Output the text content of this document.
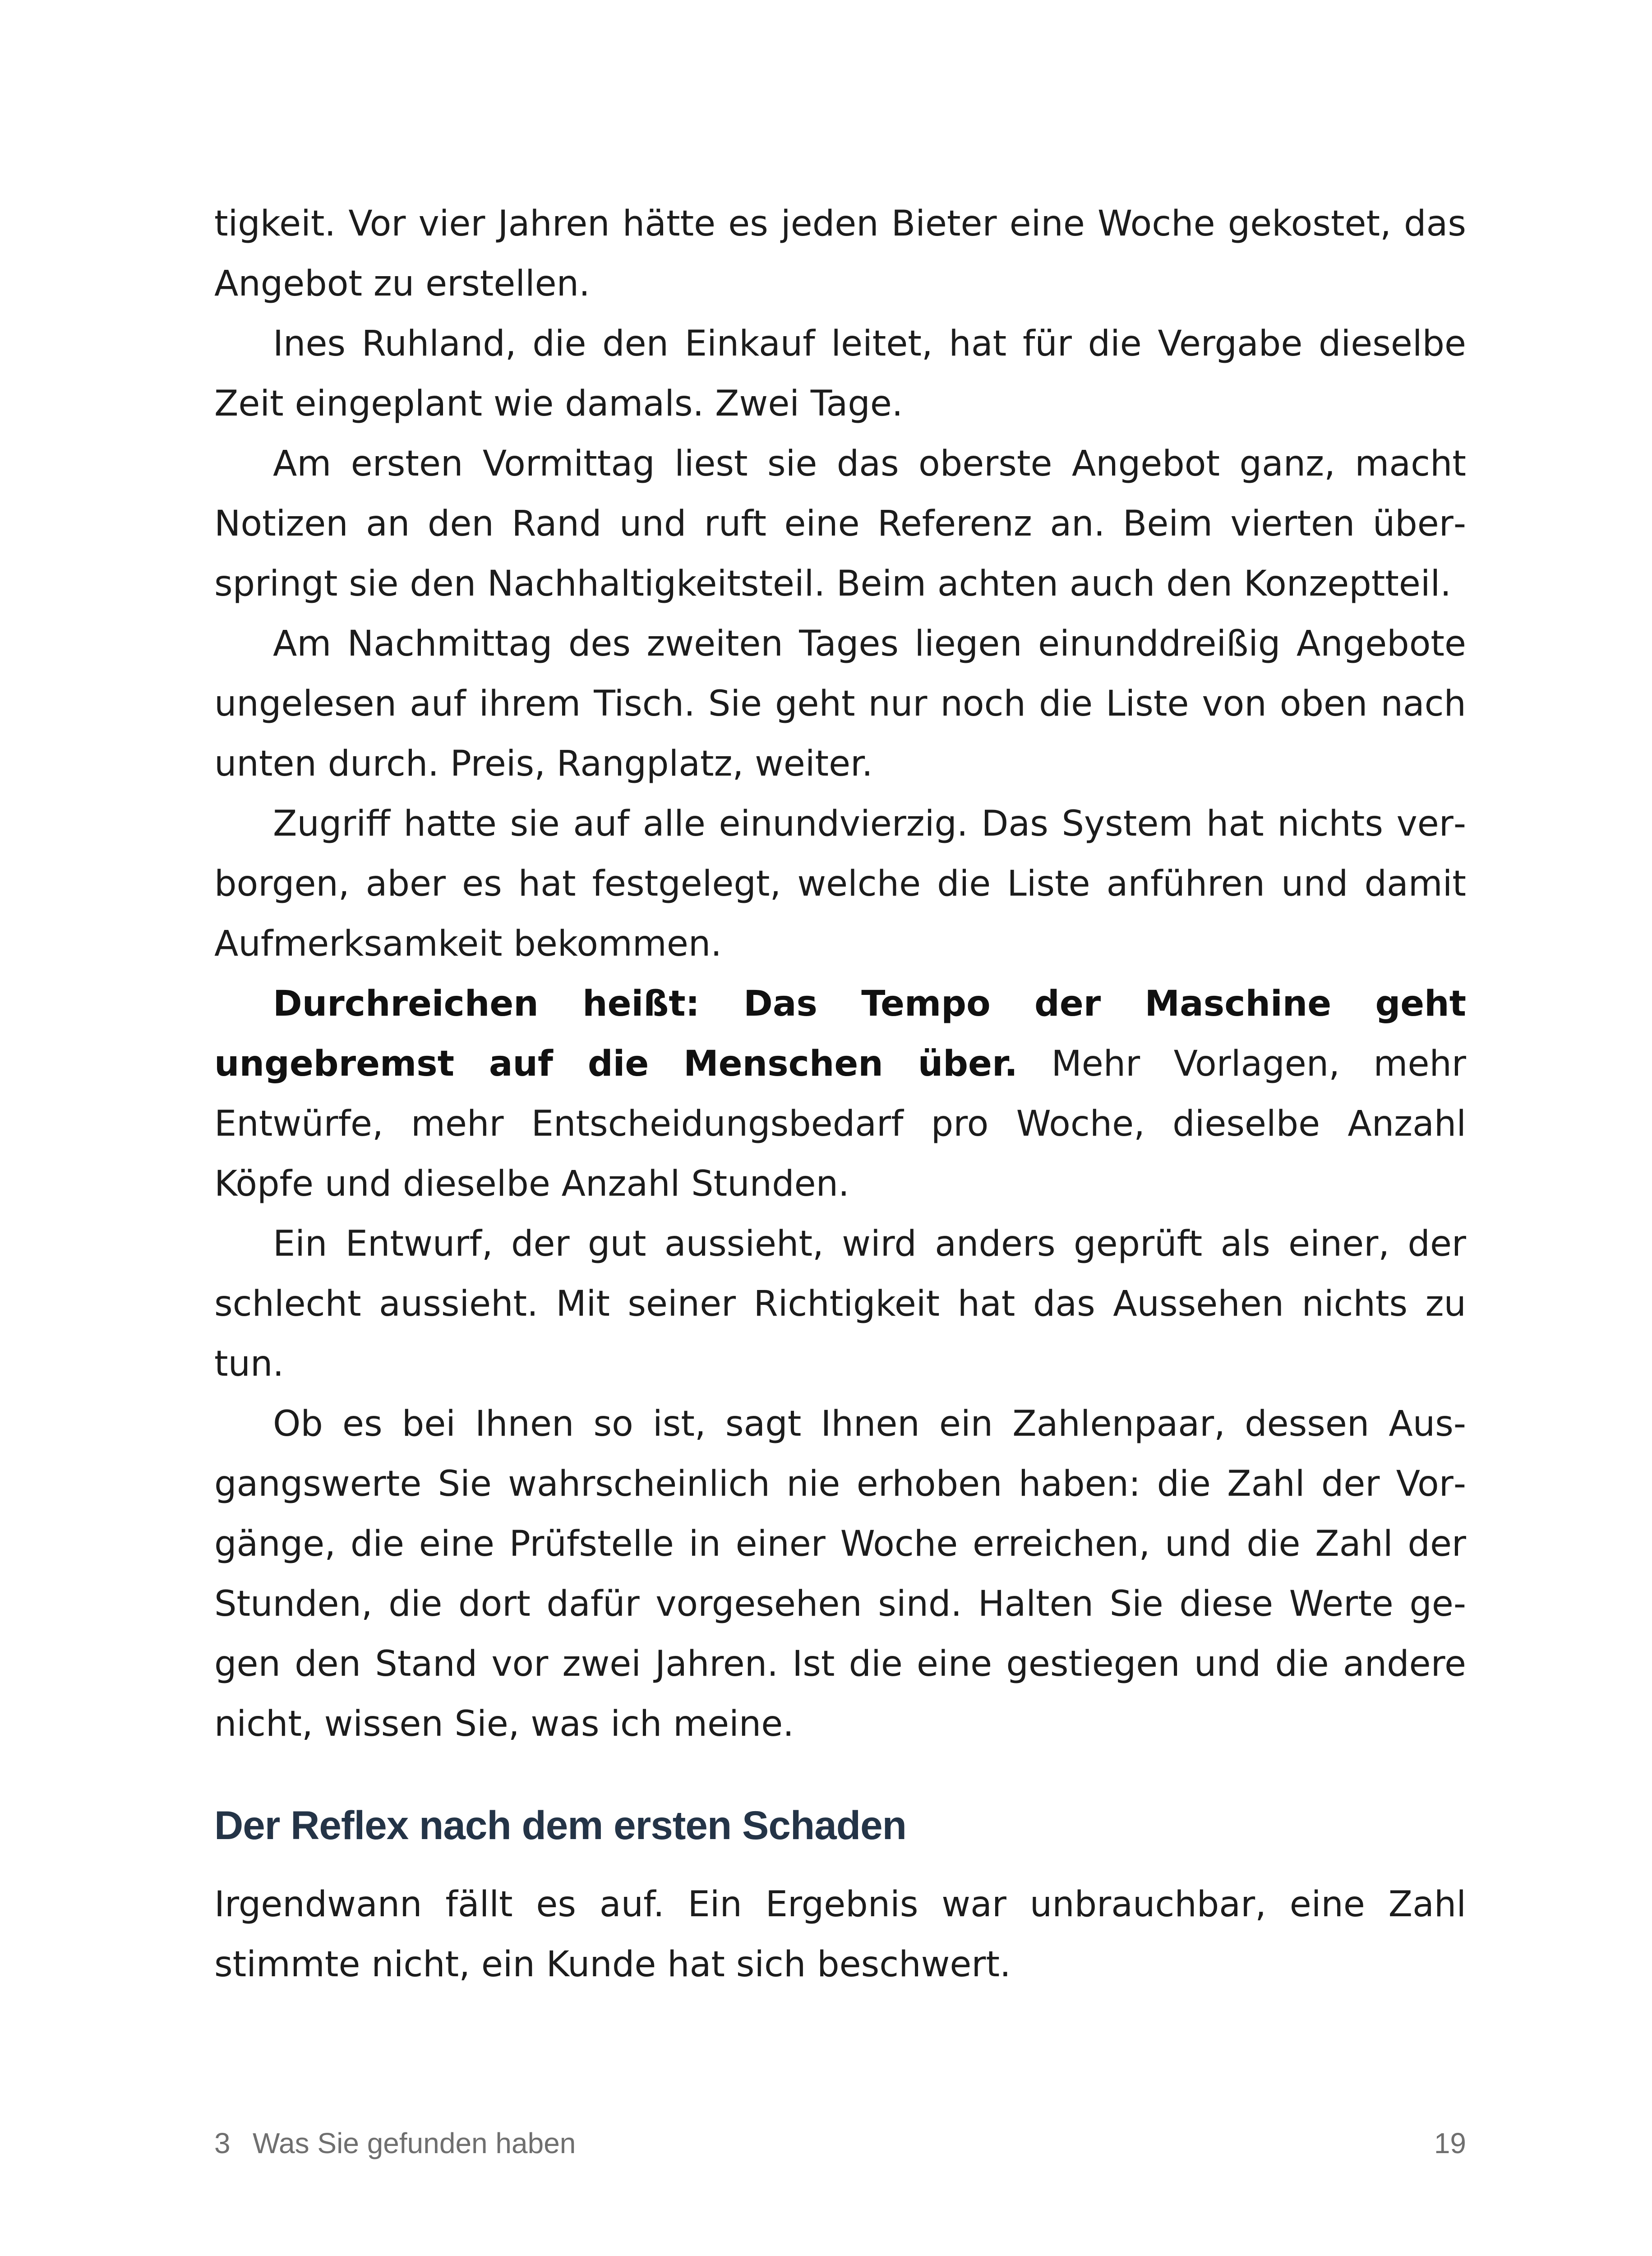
tigkeit. Vor vier Jahren hätte es jeden Bieter eine Woche gekostet, das Angebot zu erstellen.

Ines Ruhland, die den Einkauf leitet, hat für die Vergabe dieselbe Zeit eingeplant wie damals. Zwei Tage.

Am ersten Vormittag liest sie das oberste Angebot ganz, macht Notizen an den Rand und ruft eine Referenz an. Beim vierten überspringt sie den Nachhaltigkeitsteil. Beim achten auch den Konzeptteil.

Am Nachmittag des zweiten Tages liegen einunddreißig Angebote ungelesen auf ihrem Tisch. Sie geht nur noch die Liste von oben nach unten durch. Preis, Rangplatz, weiter.

Zugriff hatte sie auf alle einundvierzig. Das System hat nichts verborgen, aber es hat festgelegt, welche die Liste anführen und damit Aufmerksamkeit bekommen.

Durchreichen heißt: Das Tempo der Maschine geht ungebremst auf die Menschen über. Mehr Vorlagen, mehr Entwürfe, mehr Entscheidungsbedarf pro Woche, dieselbe Anzahl Köpfe und dieselbe Anzahl Stunden.

Ein Entwurf, der gut aussieht, wird anders geprüft als einer, der schlecht aussieht. Mit seiner Richtigkeit hat das Aussehen nichts zu tun.

Ob es bei Ihnen so ist, sagt Ihnen ein Zahlenpaar, dessen Ausgangswerte Sie wahrscheinlich nie erhoben haben: die Zahl der Vorgänge, die eine Prüfstelle in einer Woche erreichen, und die Zahl der Stunden, die dort dafür vorgesehen sind. Halten Sie diese Werte gegen den Stand vor zwei Jahren. Ist die eine gestiegen und die andere nicht, wissen Sie, was ich meine.

Der Reflex nach dem ersten Schaden

Irgendwann fällt es auf. Ein Ergebnis war unbrauchbar, eine Zahl stimmte nicht, ein Kunde hat sich beschwert.

3 Was Sie gefunden haben	19
